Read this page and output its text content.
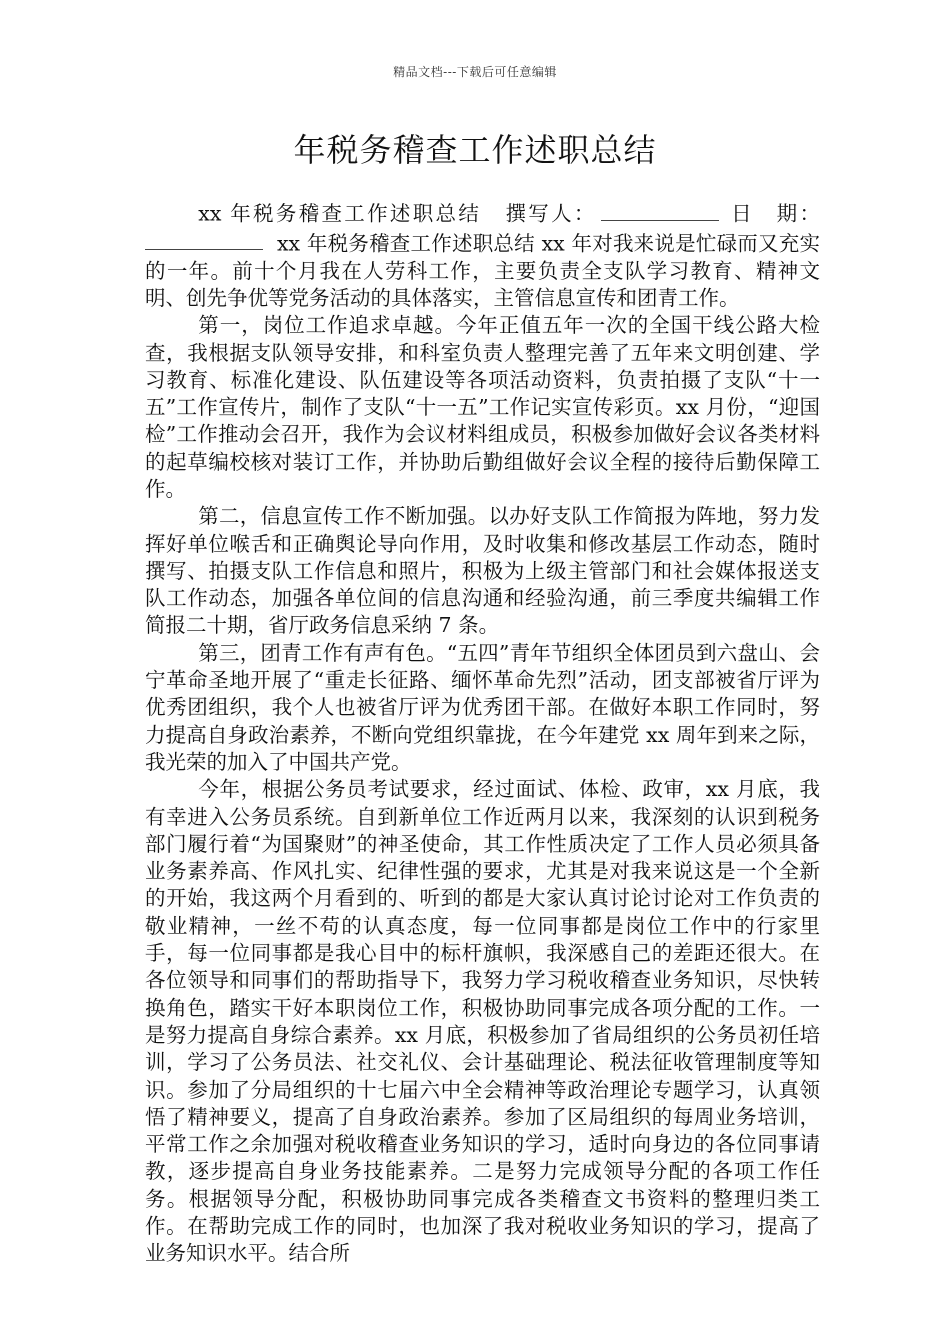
精品文档---下载后可任意编辑
年税务稽查工作述职总结

xx 年税务稽查工作述职总结 撰写人：	日　期：xx 年税务稽查工作述职总结 xx 年对我来说是忙碌而又充实的一年。前十个月我在人劳科工作，主要负责全支队学习教育、精神文明、创先争优等党务活动的具体落实，主管信息宣传和团青工作。

第一，岗位工作追求卓越。今年正值五年一次的全国干线公路大检查，我根据支队领导安排，和科室负责人整理完善了五年来文明创建、学习教育、标准化建设、队伍建设等各项活动资料，负责拍摄了支队“十一五”工作宣传片，制作了支队“十一五”工作记实宣传彩页。xx 月份，“迎国检”工作推动会召开，我作为会议材料组成员，积极参加做好会议各类材料的起草编校核对装订工作，并协助后勤组做好会议全程的接待后勤保障工作。

第二，信息宣传工作不断加强。以办好支队工作简报为阵地，努力发挥好单位喉舌和正确舆论导向作用，及时收集和修改基层工作动态，随时撰写、拍摄支队工作信息和照片，积极为上级主管部门和社会媒体报送支队工作动态，加强各单位间的信息沟通和经验沟通，前三季度共编辑工作简报二十期，省厅政务信息采纳 7 条。

第三，团青工作有声有色。“五四”青年节组织全体团员到六盘山、会宁革命圣地开展了“重走长征路、缅怀革命先烈”活动，团支部被省厅评为优秀团组织，我个人也被省厅评为优秀团干部。在做好本职工作同时，努力提高自身政治素养，不断向党组织靠拢，在今年建党 xx 周年到来之际，我光荣的加入了中国共产党。

今年，根据公务员考试要求，经过面试、体检、政审，xx 月底，我有幸进入公务员系统。自到新单位工作近两月以来，我深刻的认识到税务部门履行着“为国聚财”的神圣使命，其工作性质决定了工作人员必须具备业务素养高、作风扎实、纪律性强的要求，尤其是对我来说这是一个全新的开始，我这两个月看到的、听到的都是大家认真讨论讨论对工作负责的敬业精神，一丝不苟的认真态度，每一位同事都是岗位工作中的行家里手，每一位同事都是我心目中的标杆旗帜，我深感自己的差距还很大。在各位领导和同事们的帮助指导下，我努力学习税收稽查业务知识，尽快转换角色，踏实干好本职岗位工作，积极协助同事完成各项分配的工作。一是努力提高自身综合素养。xx 月底，积极参加了省局组织的公务员初任培训，学习了公务员法、社交礼仪、会计基础理论、税法征收管理制度等知识。参加了分局组织的十七届六中全会精神等政治理论专题学习，认真领悟了精神要义，提高了自身政治素养。参加了区局组织的每周业务培训，平常工作之余加强对税收稽查业务知识的学习，适时向身边的各位同事请教，逐步提高自身业务技能素养。二是努力完成领导分配的各项工作任务。根据领导分配，积极协助同事完成各类稽查文书资料的整理归类工作。在帮助完成工作的同时，也加深了我对税收业务知识的学习，提高了业务知识水平。结合所
